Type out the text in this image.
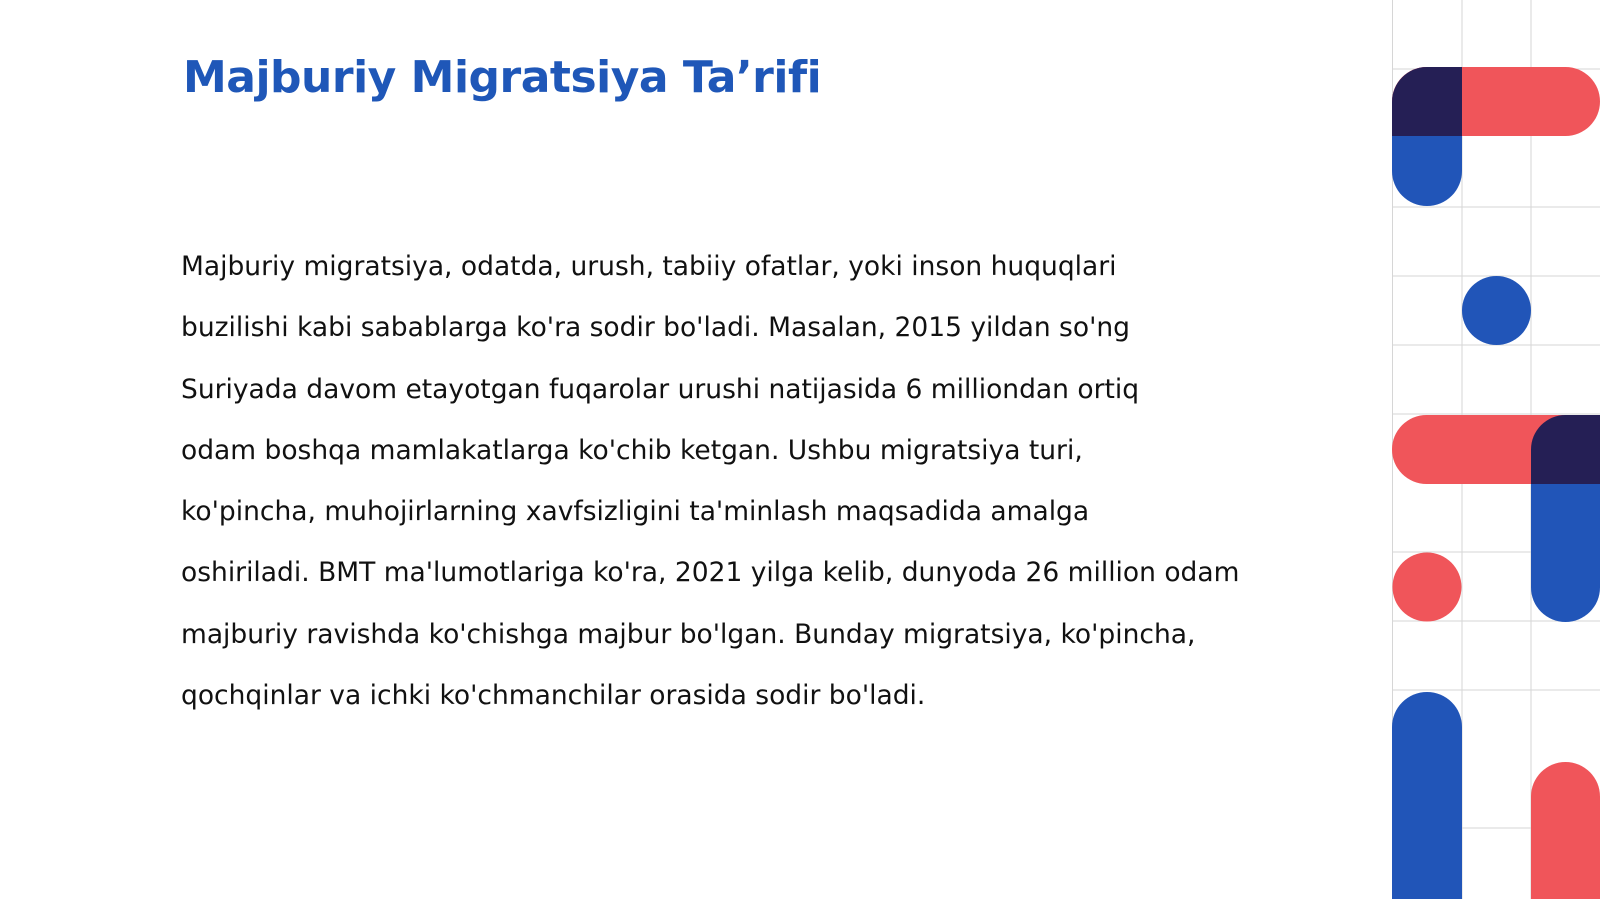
Majburiy Migratsiya Ta’rifi

Majburiy migratsiya, odatda, urush, tabiiy ofatlar, yoki inson huquqlari
buzilishi kabi sabablarga ko'ra sodir bo'ladi. Masalan, 2015 yildan so'ng
Suriyada davom etayotgan fuqarolar urushi natijasida 6 milliondan ortiq
odam boshqa mamlakatlarga ko'chib ketgan. Ushbu migratsiya turi,
ko'pincha, muhojirlarning xavfsizligini ta'minlash maqsadida amalga
oshiriladi. BMT ma'lumotlariga ko'ra, 2021 yilga kelib, dunyoda 26 million odam
majburiy ravishda ko'chishga majbur bo'lgan. Bunday migratsiya, ko'pincha,
qochqinlar va ichki ko'chmanchilar orasida sodir bo'ladi.
